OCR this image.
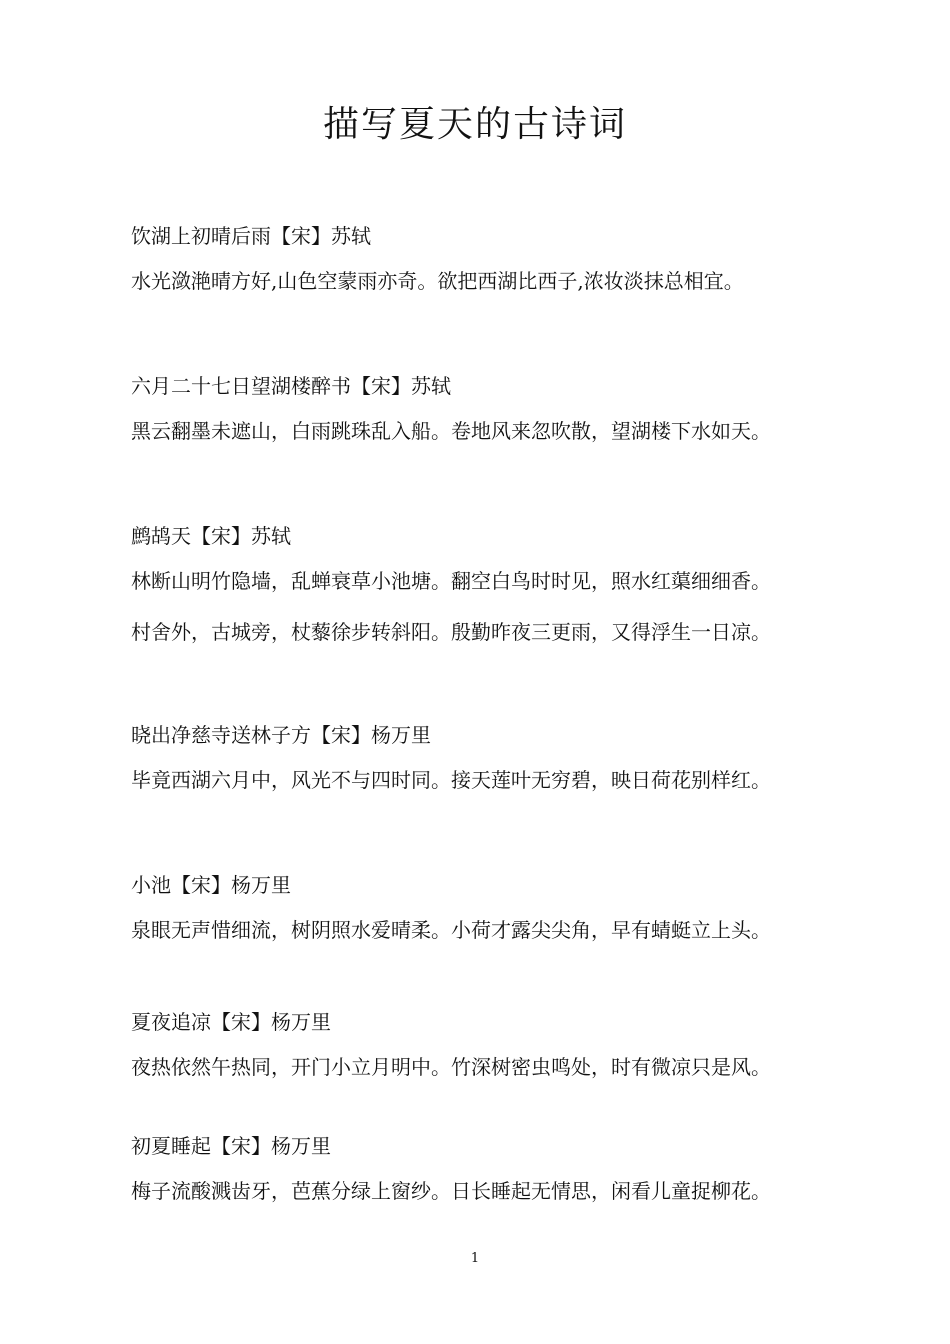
描写夏天的古诗词
饮湖上初晴后雨【宋】苏轼
水光潋滟晴方好,山色空蒙雨亦奇。欲把西湖比西子,浓妆淡抹总相宜。
六月二十七日望湖楼醉书【宋】苏轼
黑云翻墨未遮山，白雨跳珠乱入船。卷地风来忽吹散，望湖楼下水如天。
鹧鸪天【宋】苏轼
林断山明竹隐墙，乱蝉衰草小池塘。翻空白鸟时时见，照水红蕖细细香。
村舍外，古城旁，杖藜徐步转斜阳。殷勤昨夜三更雨，又得浮生一日凉。
晓出净慈寺送林子方【宋】杨万里
毕竟西湖六月中，风光不与四时同。接天莲叶无穷碧，映日荷花别样红。
小池【宋】杨万里
泉眼无声惜细流，树阴照水爱晴柔。小荷才露尖尖角，早有蜻蜓立上头。
夏夜追凉【宋】杨万里
夜热依然午热同，开门小立月明中。竹深树密虫鸣处，时有微凉只是风。
初夏睡起【宋】杨万里
梅子流酸溅齿牙，芭蕉分绿上窗纱。日长睡起无情思，闲看儿童捉柳花。
1
